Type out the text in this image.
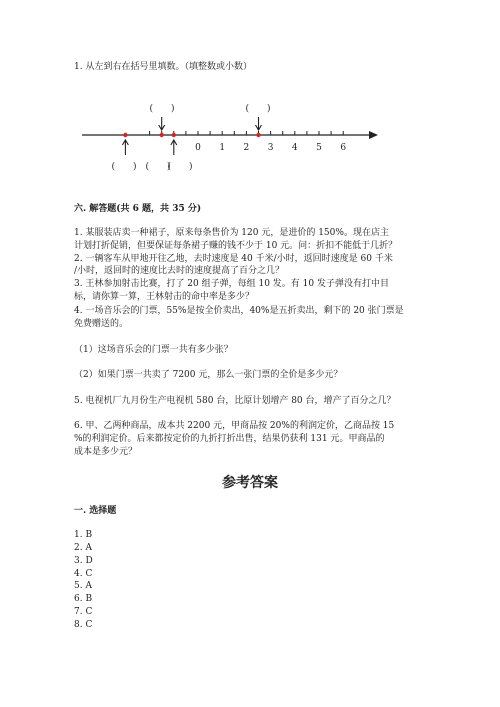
1. 从左到右在括号里填数。（填整数或小数）
0 1 2 3 4 5 6
(　　)	(　　)
(　　) (　　)
(　　)
六. 解答题(共 6 题，共 35 分)
1. 某服装店卖一种裙子，原来每条售价为 120 元，是进价的 150%。现在店主
计划打折促销，但要保证每条裙子赚的钱不少于 10 元。问：折扣不能低于几折？
2. 一辆客车从甲地开往乙地，去时速度是 40 千米/小时，返回时速度是 60 千米
/小时，返回时的速度比去时的速度提高了百分之几？
3. 王林参加射击比赛，打了 20 组子弹，每组 10 发。有 10 发子弹没有打中目
标，请你算一算，王林射击的命中率是多少？
4. 一场音乐会的门票，55%是按全价卖出，40%是五折卖出，剩下的 20 张门票是
免费赠送的。
（1）这场音乐会的门票一共有多少张？
（2）如果门票一共卖了 7200 元，那么一张门票的全价是多少元？
5. 电视机厂九月份生产电视机 580 台，比原计划增产 80 台，增产了百分之几？
6. 甲、乙两种商品，成本共 2200 元，甲商品按 20%的利润定价，乙商品按 15
%的利润定价。后来都按定价的九折打折出售，结果仍获利 131 元。甲商品的
成本是多少元？
参考答案
一. 选择题
1. B
2. A
3. D
4. C
5. A
6. B
7. C
8. C
